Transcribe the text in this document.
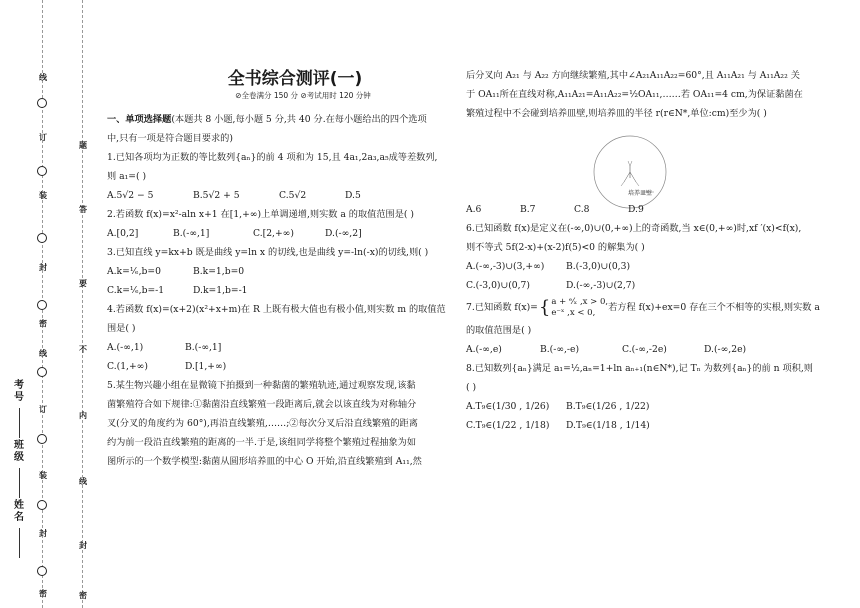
线
订
装
封
密
线
订
装
封
密
题
答
要
不
内
线
封
密
考号
班级
姓名
全书综合测评(一)
⊘全卷满分 150 分 ⊘考试用时 120 分钟

一、单项选择题(本题共 8 小题,每小题 5 分,共 40 分.在每小题给出的四个选项

中,只有一项是符合题目要求的)

1.已知各项均为正数的等比数列{aₙ}的前 4 项和为 15,且 4a₁,2a₃,a₅成等差数列,

则 a₁=( )

A.5√2 − 5	B.5√2 + 5	C.5√2	D.5

2.若函数 f(x)=x²-aln x+1 在[1,+∞)上单调递增,则实数 a 的取值范围是( )

A.[0,2]	B.(-∞,1]	C.[2,+∞)	D.(-∞,2]

3.已知直线 y=kx+b 既是曲线 y=ln x 的切线,也是曲线 y=-ln(-x)的切线,则( )

A.k=¹⁄ₑ,b=0	B.k=1,b=0

C.k=¹⁄ₑ,b=-1	D.k=1,b=-1

4.若函数 f(x)=(x+2)(x²+x+m)在 R 上既有极大值也有极小值,则实数 m 的取值范

围是( )

A.(-∞,1)	B.(-∞,1]

C.(1,+∞)	D.[1,+∞)

5.某生物兴趣小组在显微镜下拍摄到一种黏菌的繁殖轨迹,通过观察发现,该黏

菌繁殖符合如下规律:①黏菌沿直线繁殖一段距离后,就会以该直线为对称轴分

叉(分叉的角度约为 60°),再沿直线繁殖,……;②每次分叉后沿直线繁殖的距离

约为前一段沿直线繁殖的距离的一半.于是,该组同学将整个繁殖过程抽象为如

图所示的一个数学模型:黏菌从圆形培养皿的中心 O 开始,沿直线繁殖到 A₁₁,然

后分叉向 A₂₁ 与 A₂₂ 方向继续繁殖,其中∠A₂₁A₁₁A₂₂=60°,且 A₁₁A₂₁ 与 A₁₁A₂₂ 关

于 OA₁₁所在直线对称,A₁₁A₂₁=A₁₁A₂₂=½OA₁₁,……若 OA₁₁=4 cm,为保证黏菌在

繁殖过程中不会碰到培养皿壁,则培养皿的半径 r(r∈N*,单位:cm)至少为( )

培养皿壁

A.6	B.7	C.8	D.9

6.已知函数 f(x)是定义在(-∞,0)∪(0,+∞)上的奇函数,当 x∈(0,+∞)时,xf ′(x)<f(x),

则不等式 5f(2-x)+(x-2)f(5)<0 的解集为( )

A.(-∞,-3)∪(3,+∞)	B.(-3,0)∪(0,3)

C.(-3,0)∪(0,7)	D.(-∞,-3)∪(2,7)

7.已知函数 f(x)= { a + ᵉ⁄ₓ ,x > 0,
e⁻ˣ ,x < 0,	若方程 f(x)+ex=0 存在三个不相等的实根,则实数 a

的取值范围是( )

A.(-∞,e)	B.(-∞,-e)	C.(-∞,-2e)	D.(-∞,2e)

8.已知数列{aₙ}满足 a₁=½,aₙ=1+ln aₙ₊₁(n∈N*),记 Tₙ 为数列{aₙ}的前 n 项积,则

( )

A.T₉∈(1/30 , 1/26)	B.T₉∈(1/26 , 1/22)

C.T₉∈(1/22 , 1/18)	D.T₉∈(1/18 , 1/14)
